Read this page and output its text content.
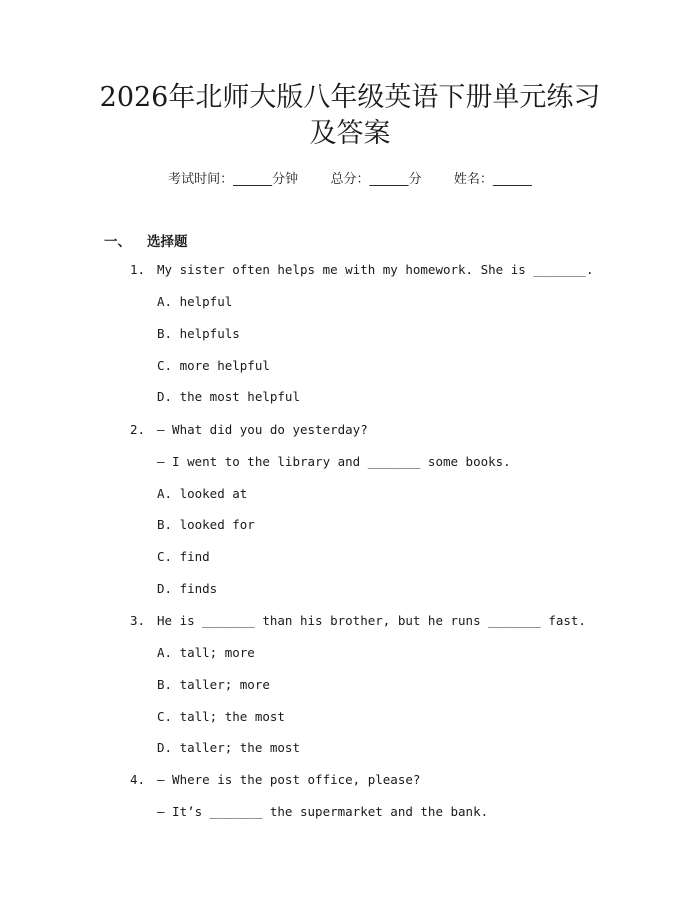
2026年北师大版八年级英语下册单元练习及答案
考试时间：______分钟 总分：______分 姓名：______
一、 选择题
1. My sister often helps me with my homework. She is _______.
A. helpful
B. helpfuls
C. more helpful
D. the most helpful
2. — What did you do yesterday?
— I went to the library and _______ some books.
A. looked at
B. looked for
C. find
D. finds
3. He is _______ than his brother, but he runs _______ fast.
A. tall; more
B. taller; more
C. tall; the most
D. taller; the most
4. — Where is the post office, please?
— It’s _______ the supermarket and the bank.
